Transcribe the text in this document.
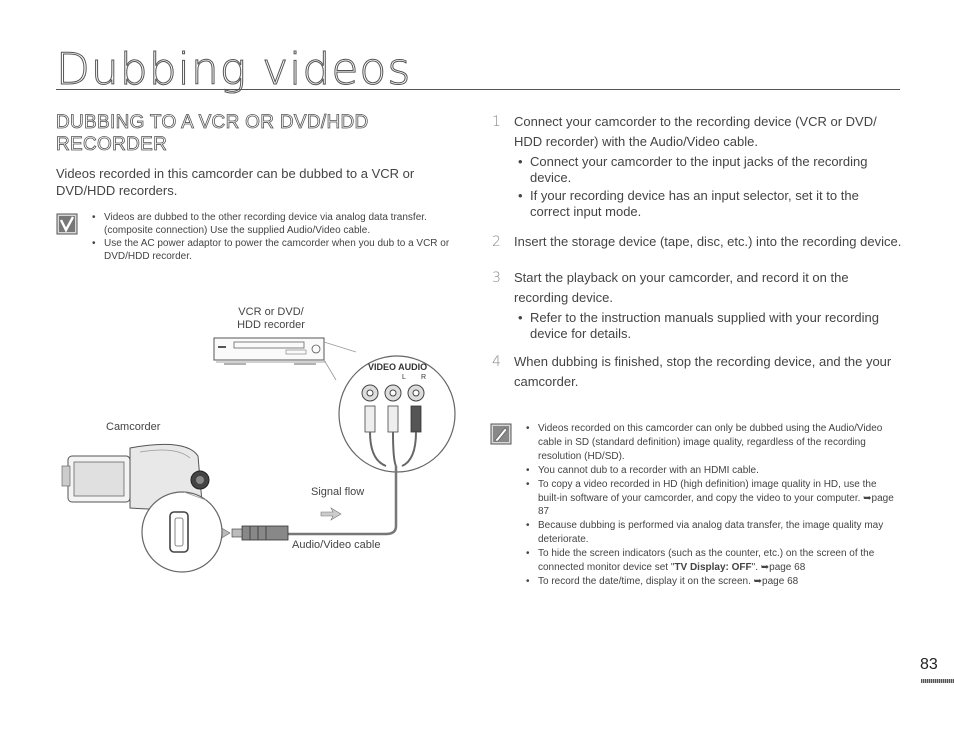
Dubbing videos
DUBBING TO A VCR OR DVD/HDD
RECORDER

Videos recorded in this camcorder can be dubbed to a VCR or DVD/HDD recorders.

• Videos are dubbed to the other recording device via analog data transfer. (composite connection) Use the supplied Audio/Video cable.
• Use the AC power adaptor to power the camcorder when you dub to a VCR or DVD/HDD recorder.
VCR or DVD/
HDD recorder
Camcorder
Signal flow
Audio/Video cable
VIDEO AUDIO
L R
1 Connect your camcorder to the recording device (VCR or DVD/ HDD recorder) with the Audio/Video cable.
• Connect your camcorder to the input jacks of the recording device.
• If your recording device has an input selector, set it to the correct input mode.
2 Insert the storage device (tape, disc, etc.) into the recording device.
3 Start the playback on your camcorder, and record it on the recording device.
• Refer to the instruction manuals supplied with your recording device for details.
4 When dubbing is finished, stop the recording device, and the your camcorder.
• Videos recorded on this camcorder can only be dubbed using the Audio/Video cable in SD (standard definition) image quality, regardless of the recording resolution (HD/SD).
• You cannot dub to a recorder with an HDMI cable.
• To copy a video recorded in HD (high definition) image quality in HD, use the built-in software of your camcorder, and copy the video to your computer. ➥page 87
• Because dubbing is performed via analog data transfer, the image quality may deteriorate.
• To hide the screen indicators (such as the counter, etc.) on the screen of the connected monitor device set "TV Display: OFF". ➥page 68
• To record the date/time, display it on the screen. ➥page 68
83
